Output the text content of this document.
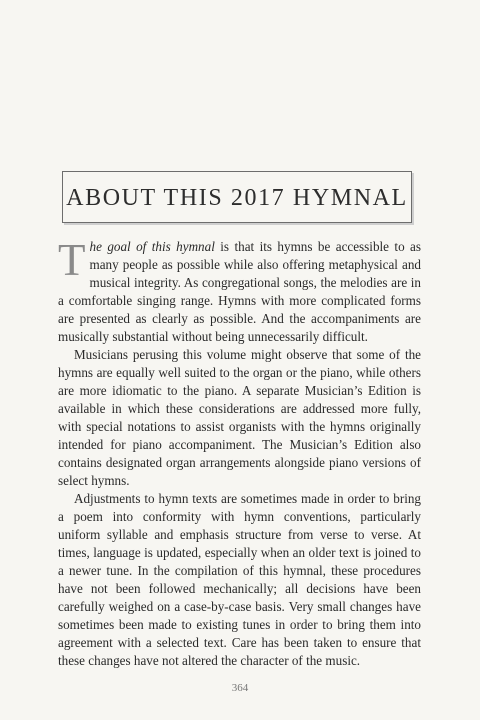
ABOUT THIS 2017 HYMNAL

The goal of this hymnal is that its hymns be accessible to as many people as possible while also offering metaphysical and musical integrity. As congregational songs, the melodies are in a comfortable singing range. Hymns with more complicated forms are presented as clearly as possible. And the accompaniments are musically substantial without being unnecessarily difficult.

Musicians perusing this volume might observe that some of the hymns are equally well suited to the organ or the piano, while others are more idiomatic to the piano. A separate Musician’s Edition is available in which these considerations are addressed more fully, with special notations to assist organists with the hymns originally intended for piano accompaniment. The Musician’s Edition also contains designated organ arrangements alongside piano versions of select hymns.

Adjustments to hymn texts are sometimes made in order to bring a poem into conformity with hymn conventions, particularly uniform syllable and emphasis structure from verse to verse. At times, language is updated, especially when an older text is joined to a newer tune. In the compilation of this hymnal, these procedures have not been followed mechanically; all decisions have been carefully weighed on a case-by-case basis. Very small changes have sometimes been made to existing tunes in order to bring them into agreement with a selected text. Care has been taken to ensure that these changes have not altered the character of the music.

364
